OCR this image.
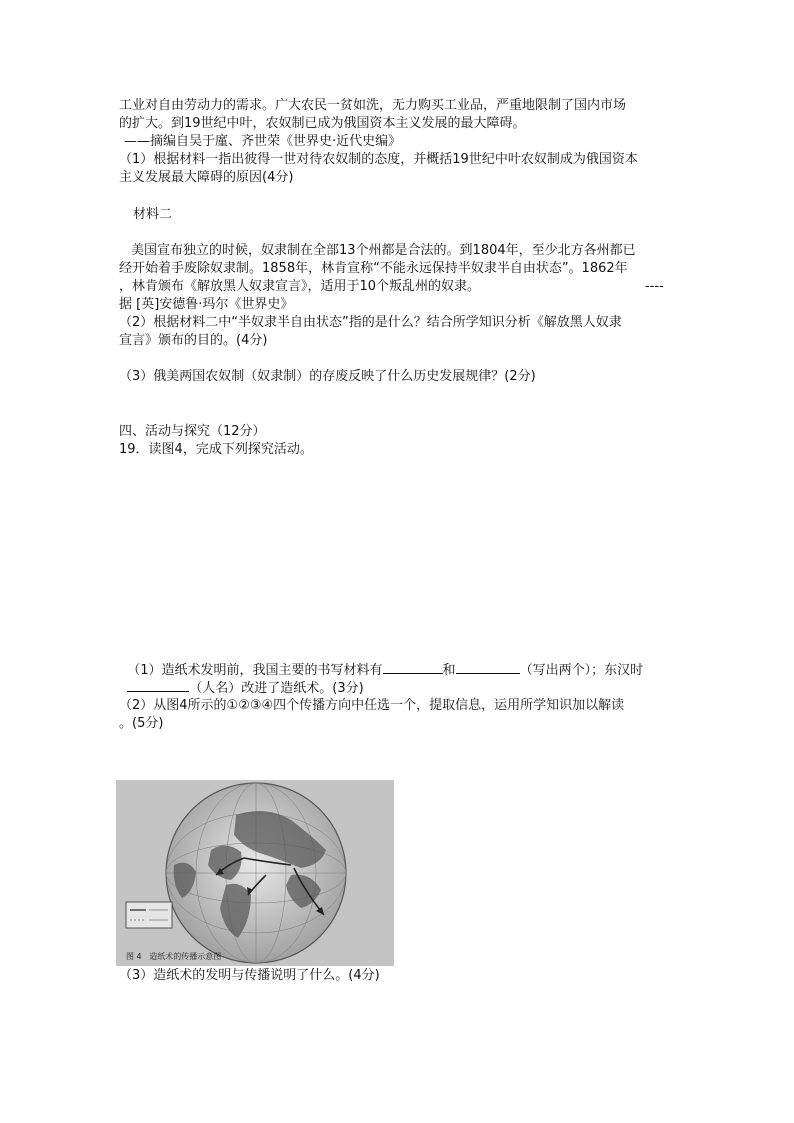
工业对自由劳动力的需求。广大农民一贫如洗，无力购买工业品，严重地限制了国内市场
的扩大。到19世纪中叶，农奴制已成为俄国资本主义发展的最大障碍。
——摘编自吴于廑、齐世荣《世界史·近代史编》
（1）根据材料一指出彼得一世对待农奴制的态度，并概括19世纪中叶农奴制成为俄国资本
主义发展最大障碍的原因(4分)
材料二
美国宣布独立的时候，奴隶制在全部13个州都是合法的。到1804年，至少北方各州都已
经开始着手废除奴隶制。1858年，林肯宣称“不能永远保持半奴隶半自由状态”。1862年
，林肯颁布《解放黑人奴隶宣言》，适用于10个叛乱州的奴隶。	----
据 [英]安德鲁·玛尔《世界史》
（2）根据材料二中“半奴隶半自由状态”指的是什么？结合所学知识分析《解放黑人奴隶
宣言》颁布的目的。(4分)
（3）俄美两国农奴制（奴隶制）的存废反映了什么历史发展规律？(2分)
四、活动与探究（12分）
19．读图4，完成下列探究活动。

（1）造纸术发明前，我国主要的书写材料有	和	（写出两个）；东汉时

（人名）改进了造纸术。(3分)

（2）从图4所示的①②③④四个传播方向中任选一个，提取信息，运用所学知识加以解读
。(5分)
图 4   造纸术的传播示意图
（3）造纸术的发明与传播说明了什么。(4分)
